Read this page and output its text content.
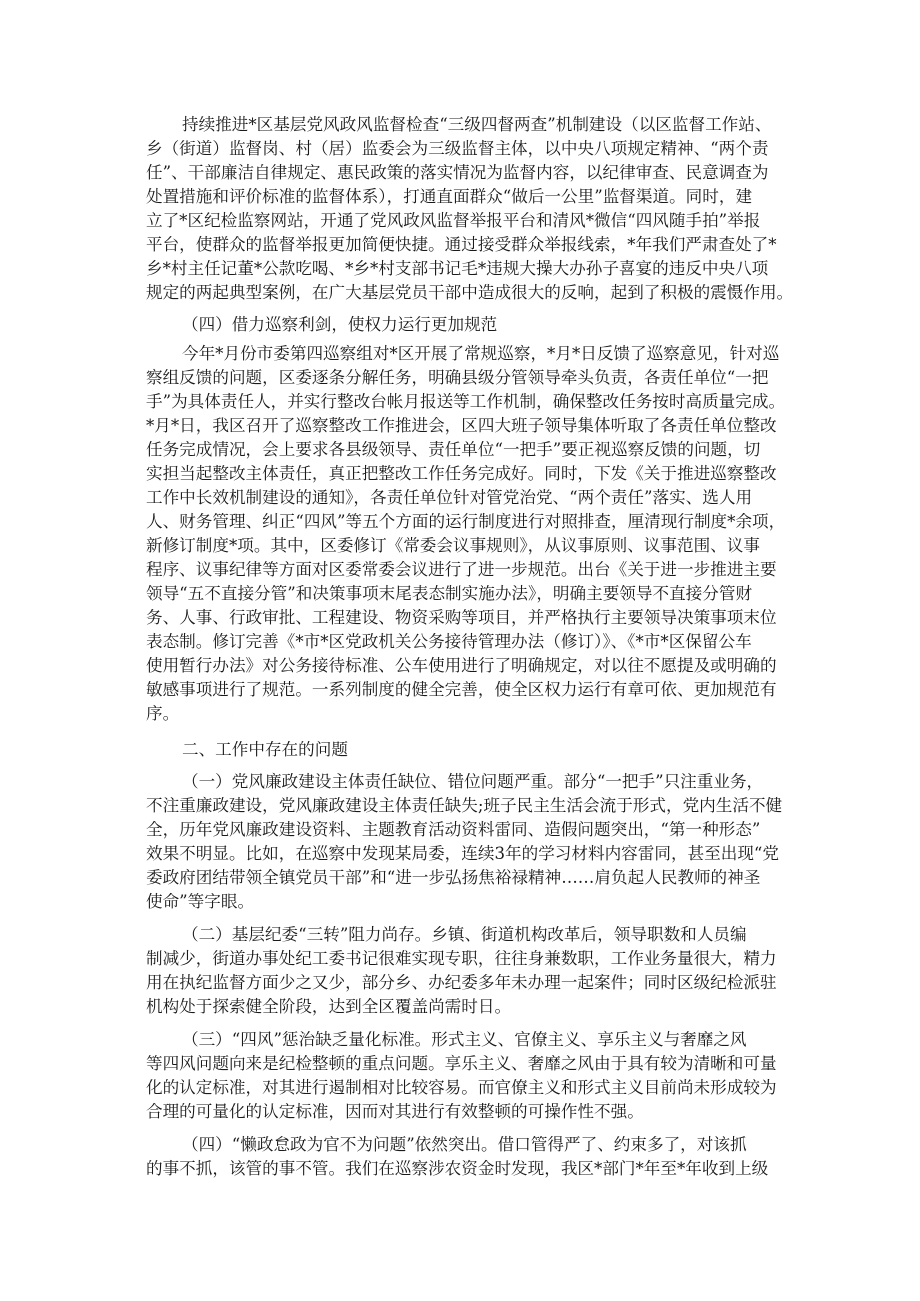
持续推进*区基层党风政风监督检查“三级四督两查”机制建设（以区监督工作站、
乡（街道）监督岗、村（居）监委会为三级监督主体，以中央八项规定精神、“两个责
任”、干部廉洁自律规定、惠民政策的落实情况为监督内容，以纪律审查、民意调查为
处置措施和评价标准的监督体系），打通直面群众“做后一公里”监督渠道。同时，建
立了*区纪检监察网站，开通了党风政风监督举报平台和清风*微信“四风随手拍”举报
平台，使群众的监督举报更加简便快捷。通过接受群众举报线索，*年我们严肃查处了*
乡*村主任记董*公款吃喝、*乡*村支部书记毛*违规大操大办孙子喜宴的违反中央八项
规定的两起典型案例，在广大基层党员干部中造成很大的反响，起到了积极的震慑作用。
（四）借力巡察利剑，使权力运行更加规范
今年*月份市委第四巡察组对*区开展了常规巡察，*月*日反馈了巡察意见，针对巡
察组反馈的问题，区委逐条分解任务，明确县级分管领导牵头负责，各责任单位“一把
手”为具体责任人，并实行整改台帐月报送等工作机制，确保整改任务按时高质量完成。
*月*日，我区召开了巡察整改工作推进会，区四大班子领导集体听取了各责任单位整改
任务完成情况，会上要求各县级领导、责任单位“一把手”要正视巡察反馈的问题，切
实担当起整改主体责任，真正把整改工作任务完成好。同时，下发《关于推进巡察整改
工作中长效机制建设的通知》，各责任单位针对管党治党、“两个责任”落实、选人用
人、财务管理、纠正“四风”等五个方面的运行制度进行对照排查，厘清现行制度*余项，
新修订制度*项。其中，区委修订《常委会议事规则》，从议事原则、议事范围、议事
程序、议事纪律等方面对区委常委会议进行了进一步规范。出台《关于进一步推进主要
领导“五不直接分管”和决策事项末尾表态制实施办法》，明确主要领导不直接分管财
务、人事、行政审批、工程建设、物资采购等项目，并严格执行主要领导决策事项末位
表态制。修订完善《*市*区党政机关公务接待管理办法（修订）》、《*市*区保留公车
使用暂行办法》对公务接待标准、公车使用进行了明确规定，对以往不愿提及或明确的
敏感事项进行了规范。一系列制度的健全完善，使全区权力运行有章可依、更加规范有
序。
二、工作中存在的问题
（一）党风廉政建设主体责任缺位、错位问题严重。部分“一把手”只注重业务，
不注重廉政建设，党风廉政建设主体责任缺失;班子民主生活会流于形式，党内生活不健
全，历年党风廉政建设资料、主题教育活动资料雷同、造假问题突出，“第一种形态”
效果不明显。比如，在巡察中发现某局委，连续3年的学习材料内容雷同，甚至出现“党
委政府团结带领全镇党员干部”和“进一步弘扬焦裕禄精神……肩负起人民教师的神圣
使命”等字眼。
（二）基层纪委“三转”阻力尚存。乡镇、街道机构改革后，领导职数和人员编
制减少，街道办事处纪工委书记很难实现专职，往往身兼数职，工作业务量很大，精力
用在执纪监督方面少之又少，部分乡、办纪委多年未办理一起案件；同时区级纪检派驻
机构处于探索健全阶段，达到全区覆盖尚需时日。
（三）“四风”惩治缺乏量化标准。形式主义、官僚主义、享乐主义与奢靡之风
等四风问题向来是纪检整顿的重点问题。享乐主义、奢靡之风由于具有较为清晰和可量
化的认定标准，对其进行遏制相对比较容易。而官僚主义和形式主义目前尚未形成较为
合理的可量化的认定标准，因而对其进行有效整顿的可操作性不强。
（四）“懒政怠政为官不为问题”依然突出。借口管得严了、约束多了，对该抓
的事不抓，该管的事不管。我们在巡察涉农资金时发现，我区*部门*年至*年收到上级
